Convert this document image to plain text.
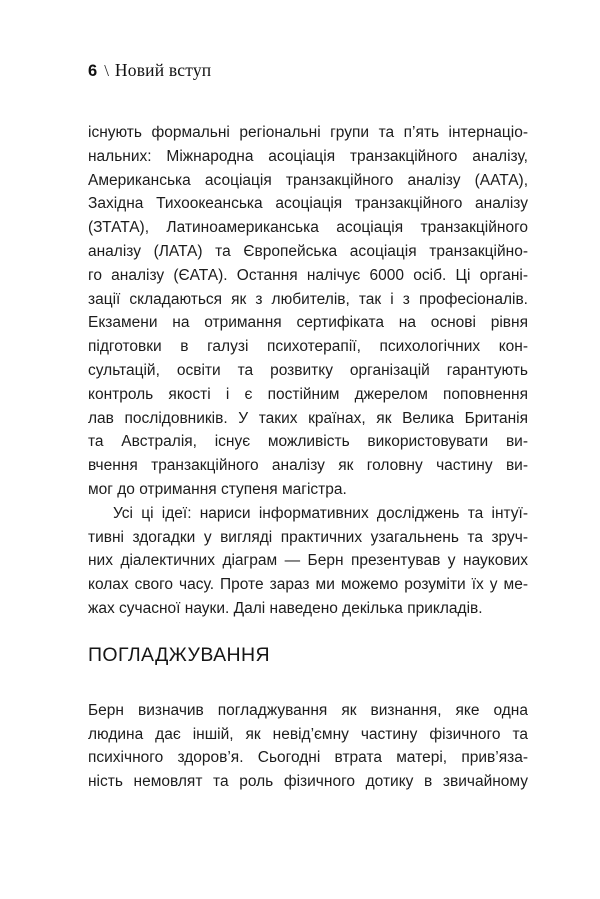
6 \ Новий вступ
існують формальні регіональні групи та п’ять інтернаціо-
нальних: Міжнародна асоціація транзакційного аналізу,
Американська асоціація транзакційного аналізу (ААТА),
Західна Тихоокеанська асоціація транзакційного аналізу
(ЗТАТА), Латиноамериканська асоціація транзакційного
аналізу (ЛАТА) та Європейська асоціація транзакційно-
го аналізу (ЄАТА). Остання налічує 6000 осіб. Ці органі-
зації складаються як з любителів, так і з професіоналів.
Екзамени на отримання сертифіката на основі рівня
підготовки в галузі психотерапії, психологічних кон-
сультацій, освіти та розвитку організацій гарантують
контроль якості і є постійним джерелом поповнення
лав послідовників. У таких країнах, як Велика Британія
та Австралія, існує можливість використовувати ви-
вчення транзакційного аналізу як головну частину ви-
мог до отримання ступеня магістра.
Усі ці ідеї: нариси інформативних досліджень та інтуї-
тивні здогадки у вигляді практичних узагальнень та зруч-
них діалектичних діаграм — Берн презентував у наукових
колах свого часу. Проте зараз ми можемо розуміти їх у ме-
жах сучасної науки. Далі наведено декілька прикладів.
ПОГЛАДЖУВАННЯ
Берн визначив погладжування як визнання, яке одна
людина дає іншій, як невід’ємну частину фізичного та
психічного здоров’я. Сьогодні втрата матері, прив’яза-
ність немовлят та роль фізичного дотику в звичайному
